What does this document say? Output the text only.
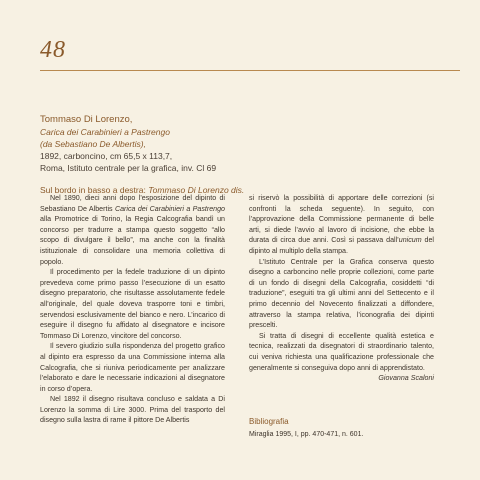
48
Tommaso Di Lorenzo,
Carica dei Carabinieri a Pastrengo
(da Sebastiano De Albertis),
1892, carboncino, cm 65,5 x 113,7,
Roma, Istituto centrale per la grafica, inv. Cl 69
Sul bordo in basso a destra: Tommaso Di Lorenzo dis.

Nel 1890, dieci anni dopo l’esposizione del dipinto di Sebastiano De Albertis Carica dei Carabinieri a Pastrengo alla Promotrice di Torino, la Regia Calcografia bandì un concorso per tradurre a stampa questo soggetto “allo scopo di divulgare il bello”, ma anche con la finalità istituzionale di consolidare una memoria collettiva di popolo.

Il procedimento per la fedele traduzione di un dipinto prevedeva come primo passo l’esecuzione di un esatto disegno preparatorio, che risultasse assolutamente fedele all’originale, del quale doveva trasporre toni e timbri, servendosi esclusivamente del bianco e nero. L’incarico di eseguire il disegno fu affidato al disegnatore e incisore Tommaso Di Lorenzo, vincitore del concorso.

Il severo giudizio sulla rispondenza del progetto grafico al dipinto era espresso da una Commissione interna alla Calcografia, che si riuniva periodicamente per analizzare l’elaborato e dare le necessarie indicazioni al disegnatore in corso d’opera.

Nel 1892 il disegno risultava concluso e saldata a Di Lorenzo la somma di Lire 3000. Prima del trasporto del disegno sulla lastra di rame il pittore De Albertis

si riservò la possibilità di apportare delle correzioni (si confronti la scheda seguente). In seguito, con l’approvazione della Commissione permanente di belle arti, si diede l’avvio al lavoro di incisione, che ebbe la durata di circa due anni. Così si passava dall’unicum del dipinto al multiplo della stampa.

L’Istituto Centrale per la Grafica conserva questo disegno a carboncino nelle proprie collezioni, come parte di un fondo di disegni della Calcografia, cosiddetti “di traduzione”, eseguiti tra gli ultimi anni del Settecento e il primo decennio del Novecento finalizzati a diffondere, attraverso la stampa relativa, l’iconografia dei dipinti prescelti.

Si tratta di disegni di eccellente qualità estetica e tecnica, realizzati da disegnatori di straordinario talento, cui veniva richiesta una qualificazione professionale che generalmente si conseguiva dopo anni di apprendistato.

Giovanna Scaloni

Bibliografia
Miraglia 1995, I, pp. 470-471, n. 601.
